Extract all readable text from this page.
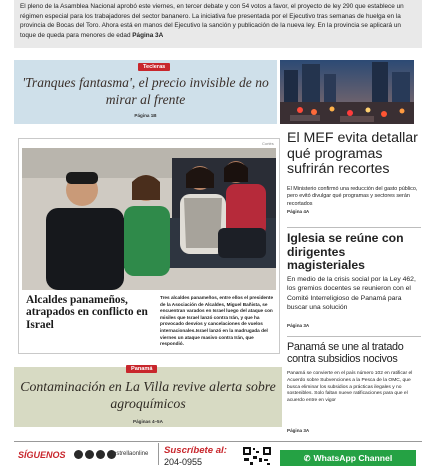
El pleno de la Asamblea Nacional aprobó este viernes, en tercer debate y con 54 votos a favor, el proyecto de ley 290 que establece un régimen especial para los trabajadores del sector bananero. La iniciativa fue presentada por el Ejecutivo tras semanas de huelga en la provincia de Bocas del Toro. Ahora está en manos del Ejecutivo la sanción y publicación de la nueva ley. En la provincia se aplicará un toque de queda para menores de edad Página 3A

Tecleras
'Tranques fantasma', el precio invisible de no mirar al frente
Página 1B
Cortés
Alcaldes panameños, atrapados en conflicto en Israel
Tres alcaldes panameños, entre ellos el presidente de la Asociación de Alcaldes, Miguel Bañista, se encuentran varados en Israel luego del ataque con misiles que Israel lanzó contra Irán, y que ha provocado desvíos y cancelaciones de vuelos internacionales.Israel lanzó en la madrugada del viernes un ataque masivo contra Irán, que respondió.
El MEF evita detallar qué programas sufrirán recortes

El Ministerio confirmó una reducción del gasto público, pero evitó divulgar qué programas y sectores serán recortados

Página 4A
Iglesia se reúne con dirigentes magisteriales

En medio de la crisis social por la Ley 462, los gremios docentes se reunieron con el Comité Interreligioso de Panamá para buscar una solución

Página 3A
Panamá se une al tratado contra subsidios nocivos

Panamá se convierte en el país número 102 en ratificar el Acuerdo sobre Subvenciones a la Pesca de la OMC, que busca eliminar los subsidios a prácticas ilegales y no sostenibles. Solo faltan nueve ratificaciones para que el acuerdo entre en vigor

Página 3A
Panamá
Contaminación en La Villa revive alerta sobre agroquímicos
Páginas 4–5A
SÍGUENOS	estrellaonline Suscríbete al:
204-0955	✆ WhatsApp Channel
